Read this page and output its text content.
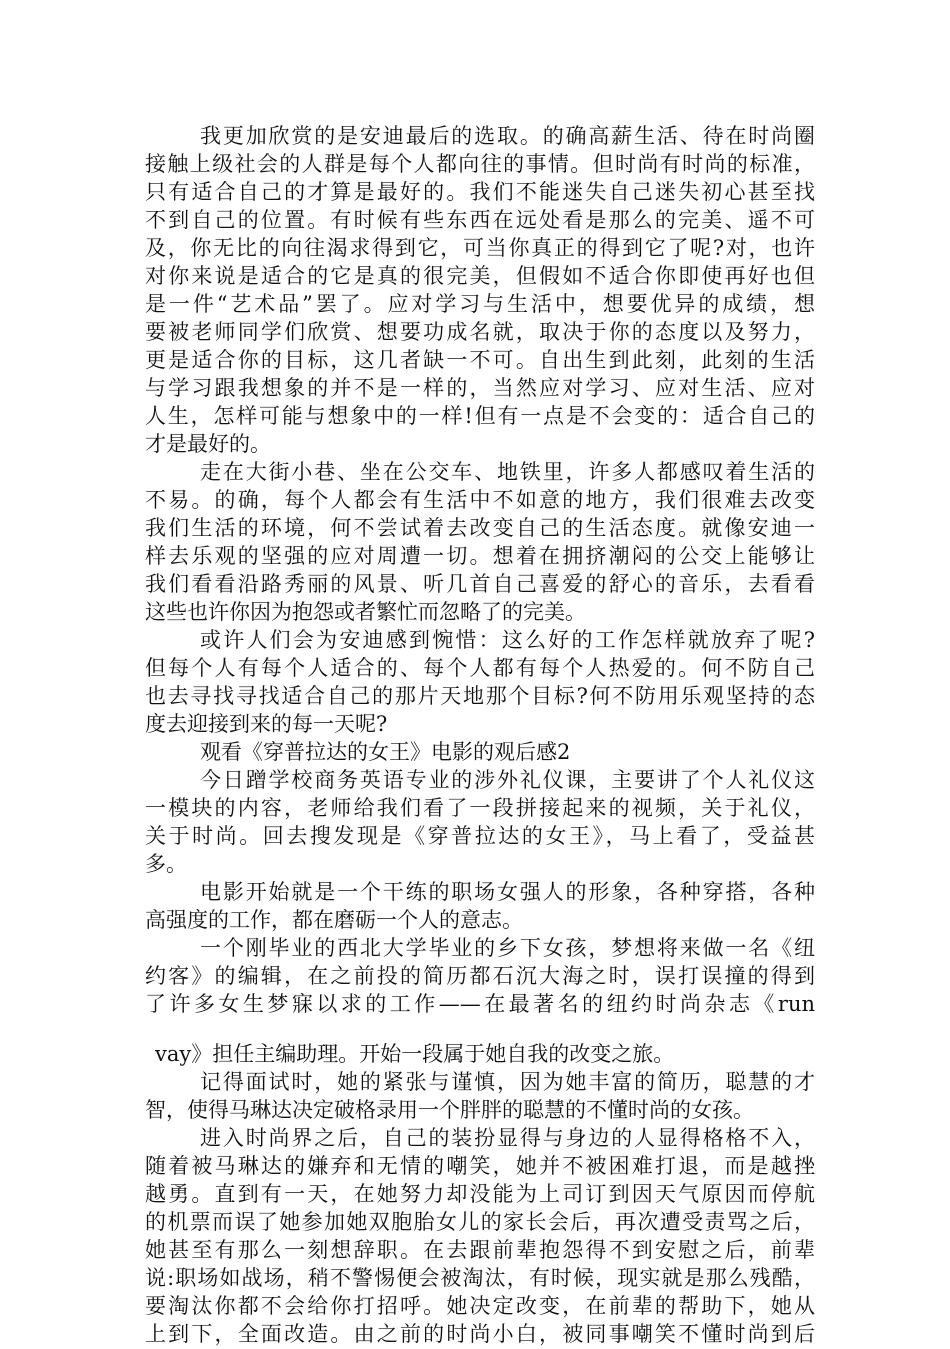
我更加欣赏的是安迪最后的选取。的确高薪生活、待在时尚圈
接触上级社会的人群是每个人都向往的事情。但时尚有时尚的标准，
只有适合自己的才算是最好的。我们不能迷失自己迷失初心甚至找
不到自己的位置。有时候有些东西在远处看是那么的完美、遥不可
及，你无比的向往渴求得到它，可当你真正的得到它了呢?对，也许
对你来说是适合的它是真的很完美，但假如不适合你即使再好也但
是一件“艺术品”罢了。应对学习与生活中，想要优异的成绩，想
要被老师同学们欣赏、想要功成名就，取决于你的态度以及努力，
更是适合你的目标，这几者缺一不可。自出生到此刻，此刻的生活
与学习跟我想象的并不是一样的，当然应对学习、应对生活、应对
人生，怎样可能与想象中的一样!但有一点是不会变的：适合自己的
才是最好的。
走在大街小巷、坐在公交车、地铁里，许多人都感叹着生活的
不易。的确，每个人都会有生活中不如意的地方，我们很难去改变
我们生活的环境，何不尝试着去改变自己的生活态度。就像安迪一
样去乐观的坚强的应对周遭一切。想着在拥挤潮闷的公交上能够让
我们看看沿路秀丽的风景、听几首自己喜爱的舒心的音乐，去看看
这些也许你因为抱怨或者繁忙而忽略了的完美。
或许人们会为安迪感到惋惜：这么好的工作怎样就放弃了呢?
但每个人有每个人适合的、每个人都有每个人热爱的。何不防自己
也去寻找寻找适合自己的那片天地那个目标?何不防用乐观坚持的态
度去迎接到来的每一天呢?
观看《穿普拉达的女王》电影的观后感2
今日蹭学校商务英语专业的涉外礼仪课，主要讲了个人礼仪这
一模块的内容，老师给我们看了一段拼接起来的视频，关于礼仪，
关于时尚。回去搜发现是《穿普拉达的女王》，马上看了，受益甚
多。
电影开始就是一个干练的职场女强人的形象，各种穿搭，各种
高强度的工作，都在磨砺一个人的意志。
一个刚毕业的西北大学毕业的乡下女孩，梦想将来做一名《纽
约客》的编辑，在之前投的简历都石沉大海之时，误打误撞的得到
了许多女生梦寐以求的工作——在最著名的纽约时尚杂志《run
vay》担任主编助理。开始一段属于她自我的改变之旅。
记得面试时，她的紧张与谨慎，因为她丰富的简历，聪慧的才
智，使得马琳达决定破格录用一个胖胖的聪慧的不懂时尚的女孩。
进入时尚界之后，自己的装扮显得与身边的人显得格格不入，
随着被马琳达的嫌弃和无情的嘲笑，她并不被困难打退，而是越挫
越勇。直到有一天，在她努力却没能为上司订到因天气原因而停航
的机票而误了她参加她双胞胎女儿的家长会后，再次遭受责骂之后，
她甚至有那么一刻想辞职。在去跟前辈抱怨得不到安慰之后，前辈
说:职场如战场，稍不警惕便会被淘汰，有时候，现实就是那么残酷，
要淘汰你都不会给你打招呼。她决定改变，在前辈的帮助下，她从
上到下，全面改造。由之前的时尚小白，被同事嘲笑不懂时尚到后
